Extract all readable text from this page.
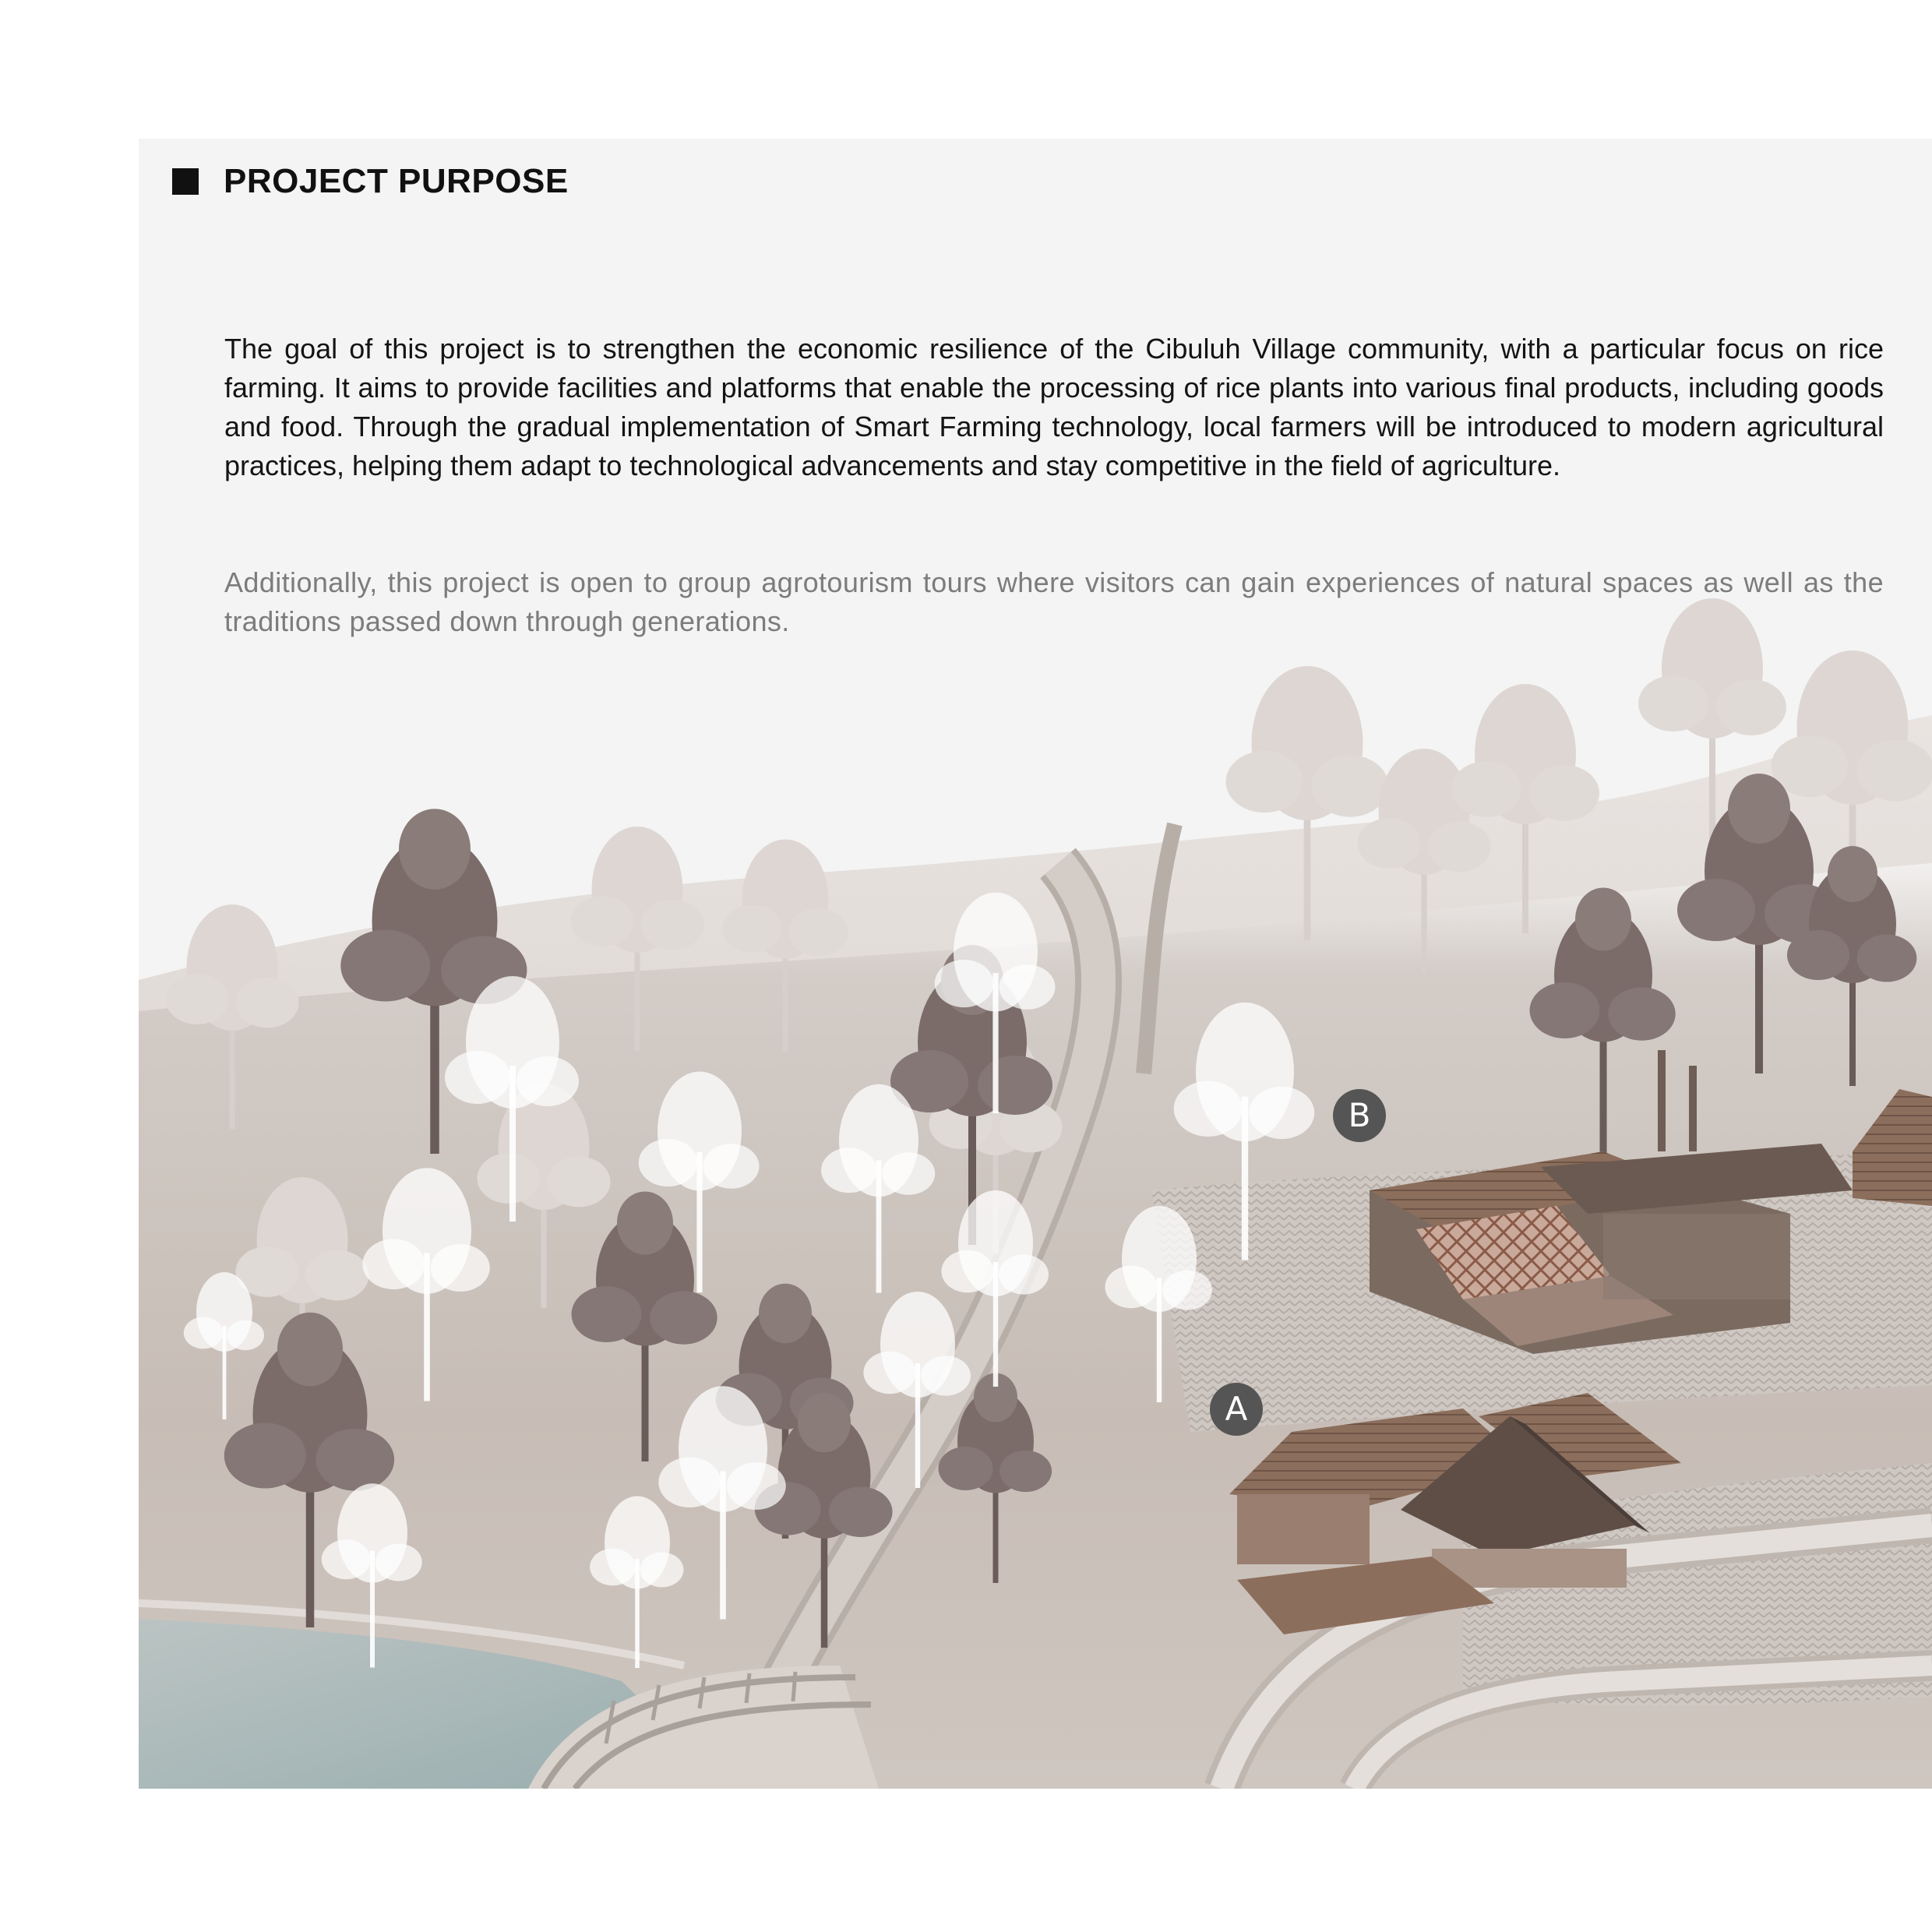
PROJECT PURPOSE

The goal of this project is to strengthen the economic resilience of the Cibuluh Village community, with a particular focus on rice farming. It aims to provide facilities and platforms that enable the processing of rice plants into various final products, including goods and food. Through the gradual implementation of Smart Farming technology, local farmers will be introduced to modern agricultural practices, helping them adapt to technological advancements and stay competitive in the field of agriculture.

Additionally, this project is open to group agrotourism tours where visitors can gain experiences of natural spaces as well as the traditions passed down through generations.

B
A
